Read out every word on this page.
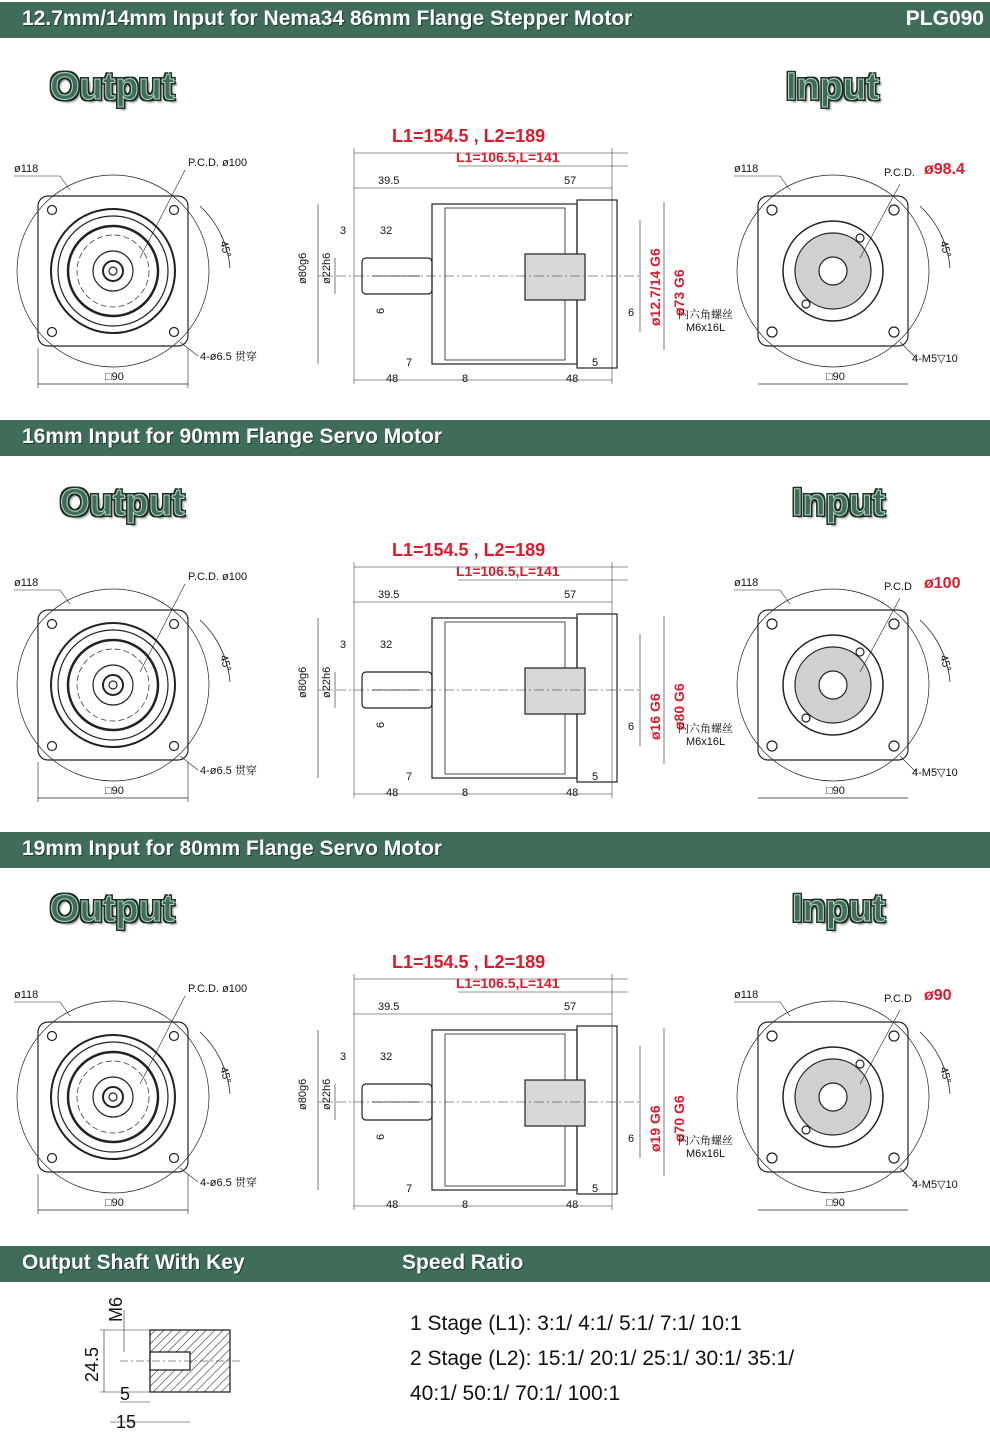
12.7mm/14mm Input for Nema34 86mm Flange Stepper Motor	PLG090
16mm Input for 90mm Flange Servo Motor
19mm Input for 80mm Flange Servo Motor
Output Shaft With Key	Speed Ratio
Output	Input
Output	Input
Output	Input
ø118	P.C.D. ø100
45°
4-ø6.5 贯穿
□90
L1=154.5 , L2=189
L1=106.5,L=141
39.5	57
3	32
ø80g6 ø22h6
6
7
48	8	48
5
6 ø12.7/14 G6 ø73 G6
内六角螺丝
M6x16L
ø118	P.C.D. ø98.4
45°
4-M5▽10
□90
ø118	P.C.D. ø100
45°
4-ø6.5 贯穿
□90
L1=154.5 , L2=189
L1=106.5,L=141
39.5	57
3	32
ø80g6 ø22h6
6
7
48	8	48
5
6 ø16 G6 ø80 G6
内六角螺丝
M6x16L
ø118	P.C.D ø100
45°
4-M5▽10
□90
ø118	P.C.D. ø100
45°
4-ø6.5 贯穿
□90
L1=154.5 , L2=189
L1=106.5,L=141
39.5	57
3	32
ø80g6 ø22h6
6
7
48	8	48
5
6 ø19 G6 ø70 G6
内六角螺丝
M6x16L
ø118	P.C.D ø90
45°
4-M5▽10
□90
M6
24.5
5
15
1 Stage (L1): 3:1/ 4:1/ 5:1/ 7:1/ 10:1
2 Stage (L2): 15:1/ 20:1/ 25:1/ 30:1/ 35:1/
40:1/ 50:1/ 70:1/ 100:1
